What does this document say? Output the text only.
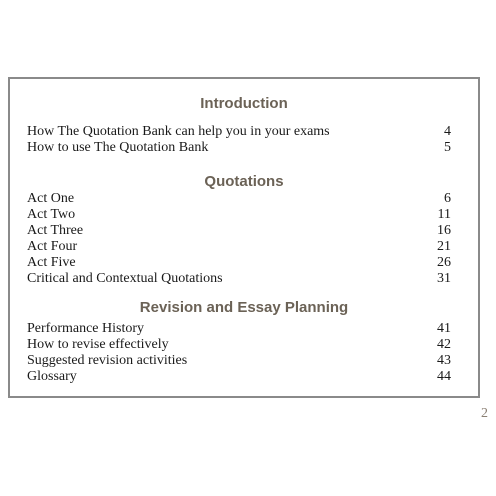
Introduction
How The Quotation Bank can help you in your exams	4
How to use The Quotation Bank	5
Quotations
Act One	6
Act Two	11
Act Three	16
Act Four	21
Act Five	26
Critical and Contextual Quotations	31
Revision and Essay Planning
Performance History	41
How to revise effectively	42
Suggested revision activities	43
Glossary	44
2
